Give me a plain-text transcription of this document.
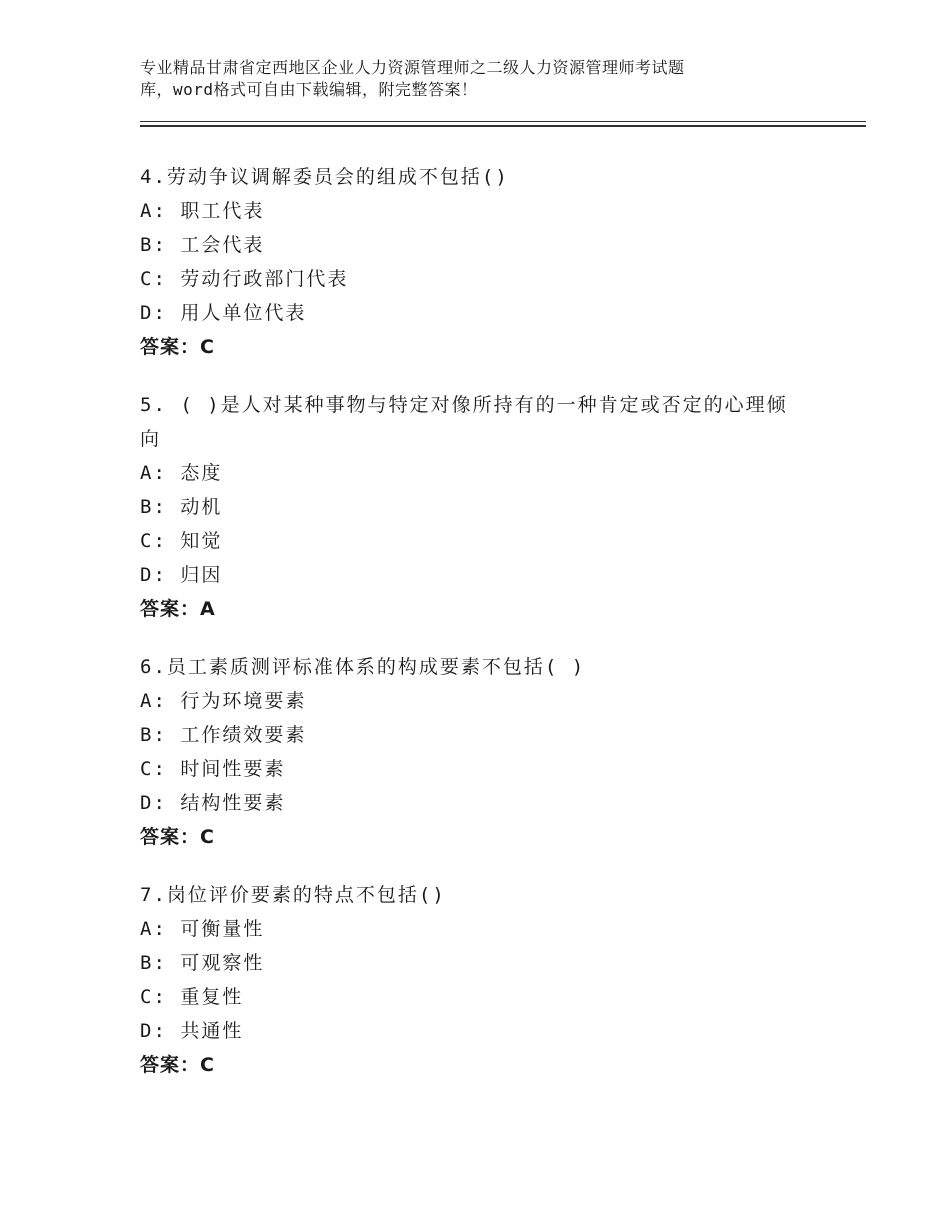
专业精品甘肃省定西地区企业人力资源管理师之二级人力资源管理师考试题
库，word格式可自由下载编辑，附完整答案！
4.劳动争议调解委员会的组成不包括()
A: 职工代表
B: 工会代表
C: 劳动行政部门代表
D: 用人单位代表
答案：C
5. ( )是人对某种事物与特定对像所持有的一种肯定或否定的心理倾向
A: 态度
B: 动机
C: 知觉
D: 归因
答案：A
6.员工素质测评标准体系的构成要素不包括( )
A: 行为环境要素
B: 工作绩效要素
C: 时间性要素
D: 结构性要素
答案：C
7.岗位评价要素的特点不包括()
A: 可衡量性
B: 可观察性
C: 重复性
D: 共通性
答案：C
